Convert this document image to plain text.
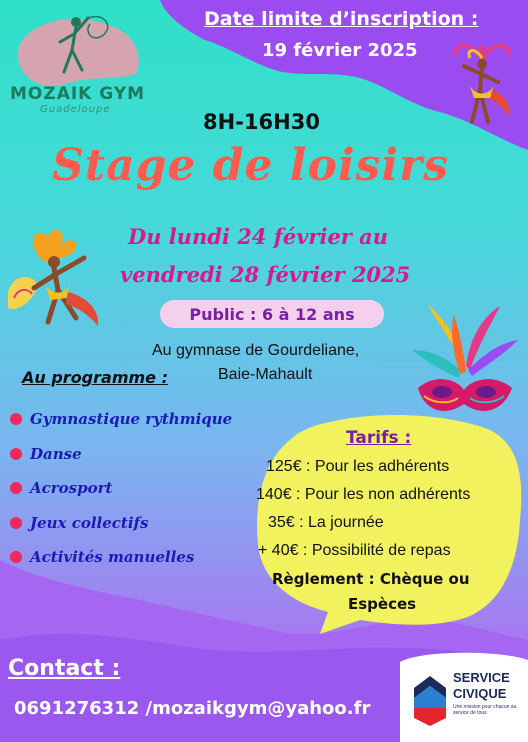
MOZAIK GYM
Guadeloupe
Date limite d’inscription :
19 février 2025
8H-16H30
Stage de loisirs
Du lundi 24 février au
vendredi 28 février 2025
Public : 6 à 12 ans
Au gymnase de Gourdeliane,
Baie-Mahault
Au programme :
Gymnastique rythmique
Danse
Acrosport
Jeux collectifs
Activités manuelles
Tarifs :
125€ : Pour les adhérents
140€ : Pour les non adhérents
35€ : La journée
+ 40€ : Possibilité de repas
Règlement : Chèque ou
Espèces
Contact :
0691276312 /mozaikgym@yahoo.fr
SERVICE
CIVIQUE
Une mission pour chacun au service de tous
